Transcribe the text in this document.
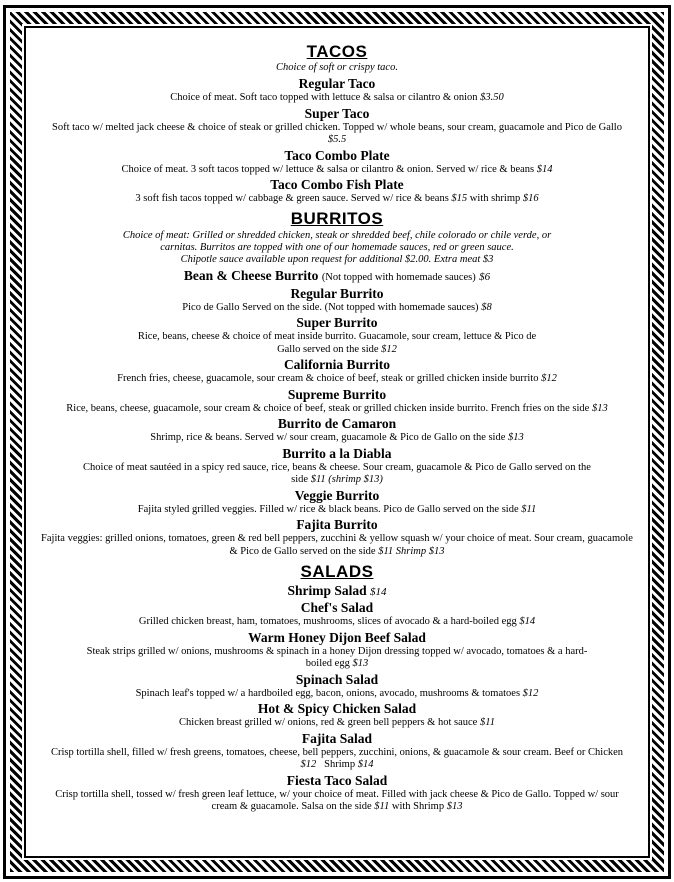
TACOS
Choice of soft or crispy taco.
Regular Taco
Choice of meat. Soft taco topped with lettuce & salsa or cilantro & onion $3.50
Super Taco
Soft taco w/ melted jack cheese & choice of steak or grilled chicken. Topped w/ whole beans, sour cream, guacamole and Pico de Gallo $5.5
Taco Combo Plate
Choice of meat. 3 soft tacos topped w/ lettuce & salsa or cilantro & onion. Served w/ rice & beans $14
Taco Combo Fish Plate
3 soft fish tacos topped w/ cabbage & green sauce. Served w/ rice & beans $15 with shrimp $16
BURRITOS
Choice of meat: Grilled or shredded chicken, steak or shredded beef, chile colorado or chile verde, or
carnitas. Burritos are topped with one of our homemade sauces, red or green sauce.
Chipotle sauce available upon request for additional $2.00. Extra meat $3
Bean & Cheese Burrito (Not topped with homemade sauces) $6
Regular Burrito
Pico de Gallo Served on the side. (Not topped with homemade sauces) $8
Super Burrito
Rice, beans, cheese & choice of meat inside burrito. Guacamole, sour cream, lettuce & Pico de Gallo served on the side $12
California Burrito
French fries, cheese, guacamole, sour cream & choice of beef, steak or grilled chicken inside burrito $12
Supreme Burrito
Rice, beans, cheese, guacamole, sour cream & choice of beef, steak or grilled chicken inside burrito. French fries on the side $13
Burrito de Camaron
Shrimp, rice & beans. Served w/ sour cream, guacamole & Pico de Gallo on the side $13
Burrito a la Diabla
Choice of meat sautéed in a spicy red sauce, rice, beans & cheese. Sour cream, guacamole & Pico de Gallo served on the side $11 (shrimp $13)
Veggie Burrito
Fajita styled grilled veggies. Filled w/ rice & black beans. Pico de Gallo served on the side $11
Fajita Burrito
Fajita veggies: grilled onions, tomatoes, green & red bell peppers, zucchini & yellow squash w/ your choice of meat. Sour cream, guacamole & Pico de Gallo served on the side $11 Shrimp $13
SALADS
Shrimp Salad $14
Chef's Salad
Grilled chicken breast, ham, tomatoes, mushrooms, slices of avocado & a hard-boiled egg $14
Warm Honey Dijon Beef Salad
Steak strips grilled w/ onions, mushrooms & spinach in a honey Dijon dressing topped w/ avocado, tomatoes & a hard-boiled egg $13
Spinach Salad
Spinach leaf's topped w/ a hardboiled egg, bacon, onions, avocado, mushrooms & tomatoes $12
Hot & Spicy Chicken Salad
Chicken breast grilled w/ onions, red & green bell peppers & hot sauce $11
Fajita Salad
Crisp tortilla shell, filled w/ fresh greens, tomatoes, cheese, bell peppers, zucchini, onions, & guacamole & sour cream. Beef or Chicken $12 Shrimp $14
Fiesta Taco Salad
Crisp tortilla shell, tossed w/ fresh green leaf lettuce, w/ your choice of meat. Filled with jack cheese & Pico de Gallo. Topped w/ sour cream & guacamole. Salsa on the side $11 with Shrimp $13
